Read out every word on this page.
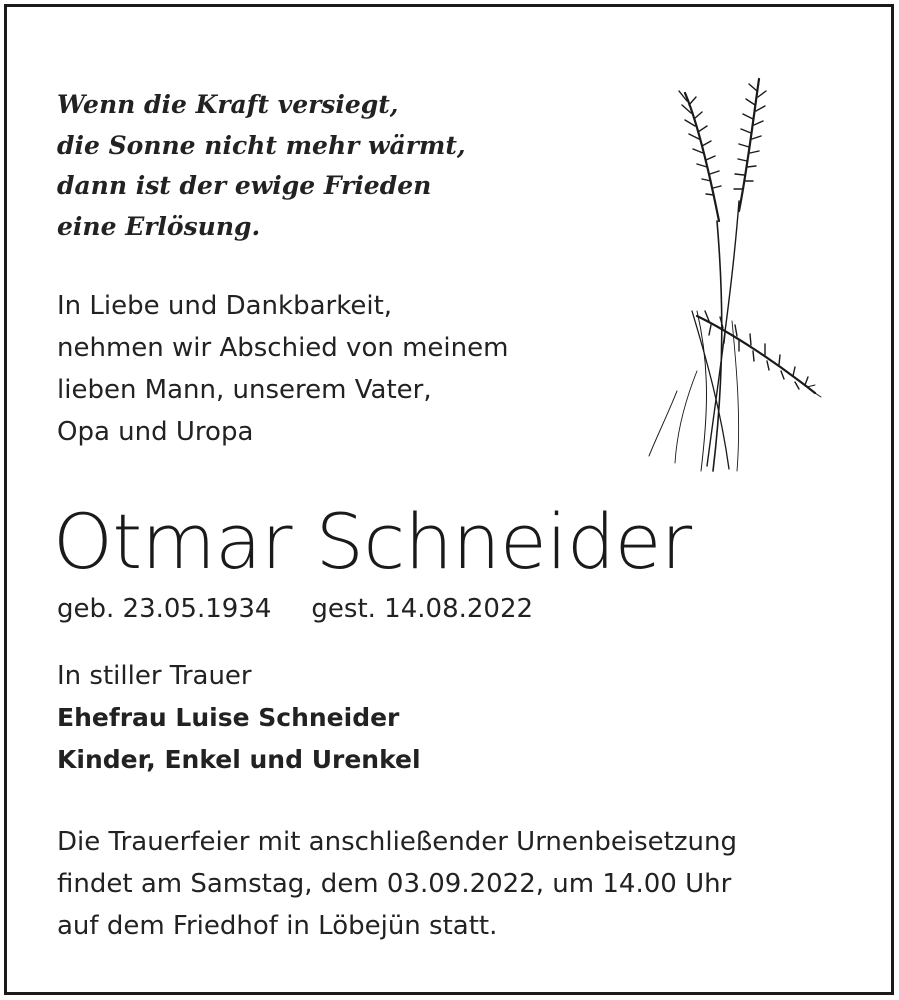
Wenn die Kraft versiegt,
die Sonne nicht mehr wärmt,
dann ist der ewige Frieden
eine Erlösung.
In Liebe und Dankbarkeit,
nehmen wir Abschied von meinem
lieben Mann, unserem Vater,
Opa und Uropa
Otmar Schneider
geb. 23.05.1934 gest. 14.08.2022
In stiller Trauer
Ehefrau Luise Schneider
Kinder, Enkel und Urenkel
Die Trauerfeier mit anschließender Urnenbeisetzung
findet am Samstag, dem 03.09.2022, um 14.00 Uhr
auf dem Friedhof in Löbejün statt.
